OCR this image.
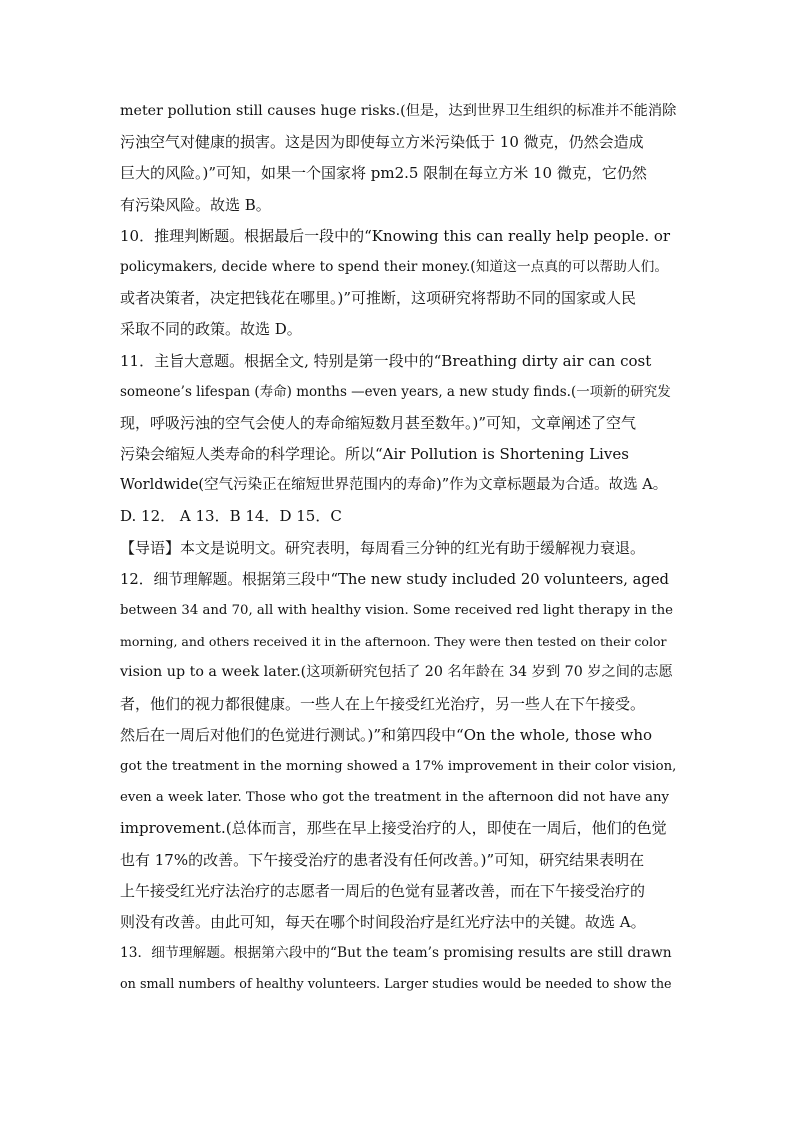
meter pollution still causes huge risks.(但是，达到世界卫生组织的标准并不能消除
污浊空气对健康的损害。这是因为即使每立方米污染低于 10 微克，仍然会造成
巨大的风险。)”可知，如果一个国家将 pm2.5 限制在每立方米 10 微克，它仍然
有污染风险。故选 B。
10．推理判断题。根据最后一段中的“Knowing this can really help people. or
policymakers, decide where to spend their money.(知道这一点真的可以帮助人们。
或者决策者，决定把钱花在哪里。)”可推断，这项研究将帮助不同的国家或人民
采取不同的政策。故选 D。
11．主旨大意题。根据全文, 特别是第一段中的“Breathing dirty air can cost
someone’s lifespan (寿命) months —even years, a new study finds.(一项新的研究发
现，呼吸污浊的空气会使人的寿命缩短数月甚至数年。)”可知，文章阐述了空气
污染会缩短人类寿命的科学理论。所以“Air Pollution is Shortening Lives
Worldwide(空气污染正在缩短世界范围内的寿命)”作为文章标题最为合适。故选 A。
D. 12． A 13．B 14．D 15．C
【导语】本文是说明文。研究表明，每周看三分钟的红光有助于缓解视力衰退。
12．细节理解题。根据第三段中“The new study included 20 volunteers, aged
between 34 and 70, all with healthy vision. Some received red light therapy in the
morning, and others received it in the afternoon. They were then tested on their color
vision up to a week later.(这项新研究包括了 20 名年龄在 34 岁到 70 岁之间的志愿
者，他们的视力都很健康。一些人在上午接受红光治疗，另一些人在下午接受。
然后在一周后对他们的色觉进行测试。)”和第四段中“On the whole, those who
got the treatment in the morning showed a 17% improvement in their color vision,
even a week later. Those who got the treatment in the afternoon did not have any
improvement.(总体而言，那些在早上接受治疗的人，即使在一周后，他们的色觉
也有 17%的改善。下午接受治疗的患者没有任何改善。)”可知，研究结果表明在
上午接受红光疗法治疗的志愿者一周后的色觉有显著改善，而在下午接受治疗的
则没有改善。由此可知，每天在哪个时间段治疗是红光疗法中的关键。故选 A。
13．细节理解题。根据第六段中的“But the team’s promising results are still drawn
on small numbers of healthy volunteers. Larger studies would be needed to show the
